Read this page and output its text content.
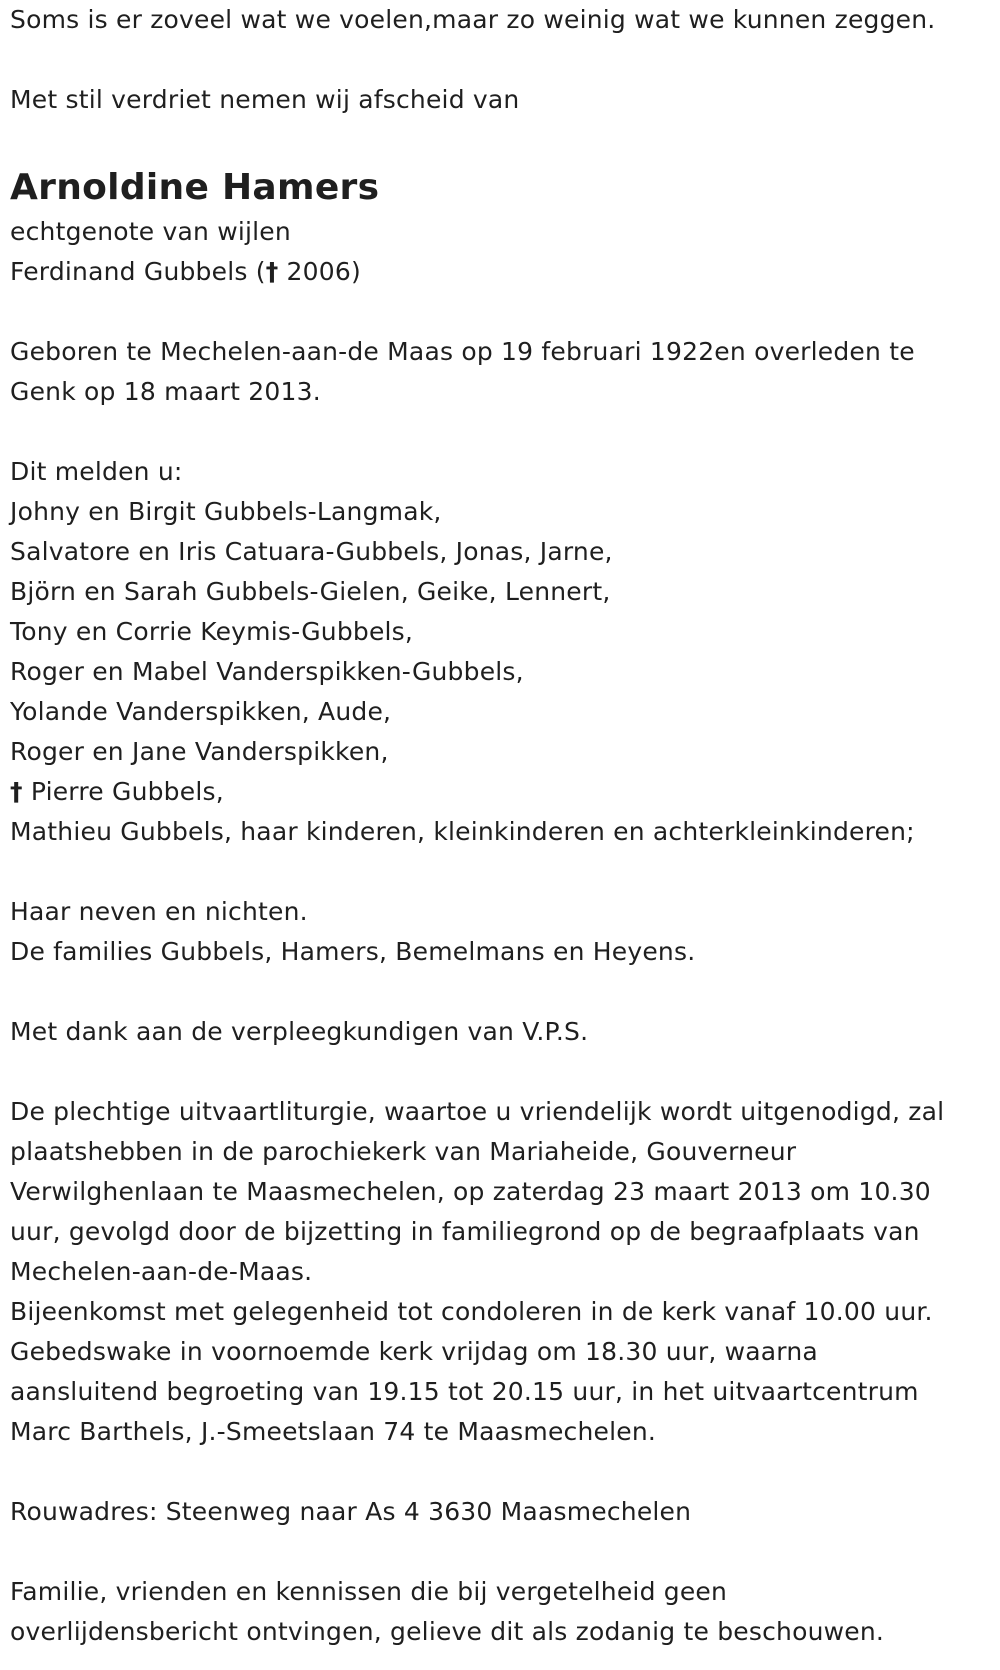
Soms is er zoveel wat we voelen,maar zo weinig wat we kunnen zeggen.
Met stil verdriet nemen wij afscheid van
Arnoldine Hamers
echtgenote van wijlen
Ferdinand Gubbels († 2006)
Geboren te Mechelen-aan-de Maas op 19 februari 1922en overleden te
Genk op 18 maart 2013.
Dit melden u:
Johny en Birgit Gubbels-Langmak,
Salvatore en Iris Catuara-Gubbels, Jonas, Jarne,
Björn en Sarah Gubbels-Gielen, Geike, Lennert,
Tony en Corrie Keymis-Gubbels,
Roger en Mabel Vanderspikken-Gubbels,
Yolande Vanderspikken, Aude,
Roger en Jane Vanderspikken,
† Pierre Gubbels,
Mathieu Gubbels, haar kinderen, kleinkinderen en achterkleinkinderen;
Haar neven en nichten.
De families Gubbels, Hamers, Bemelmans en Heyens.
Met dank aan de verpleegkundigen van V.P.S.
De plechtige uitvaartliturgie, waartoe u vriendelijk wordt uitgenodigd, zal
plaatshebben in de parochiekerk van Mariaheide, Gouverneur
Verwilghenlaan te Maasmechelen, op zaterdag 23 maart 2013 om 10.30
uur, gevolgd door de bijzetting in familiegrond op de begraafplaats van
Mechelen-aan-de-Maas.
Bijeenkomst met gelegenheid tot condoleren in de kerk vanaf 10.00 uur.
Gebedswake in voornoemde kerk vrijdag om 18.30 uur, waarna
aansluitend begroeting van 19.15 tot 20.15 uur, in het uitvaartcentrum
Marc Barthels, J.-Smeetslaan 74 te Maasmechelen.
Rouwadres: Steenweg naar As 4 3630 Maasmechelen
Familie, vrienden en kennissen die bij vergetelheid geen
overlijdensbericht ontvingen, gelieve dit als zodanig te beschouwen.
